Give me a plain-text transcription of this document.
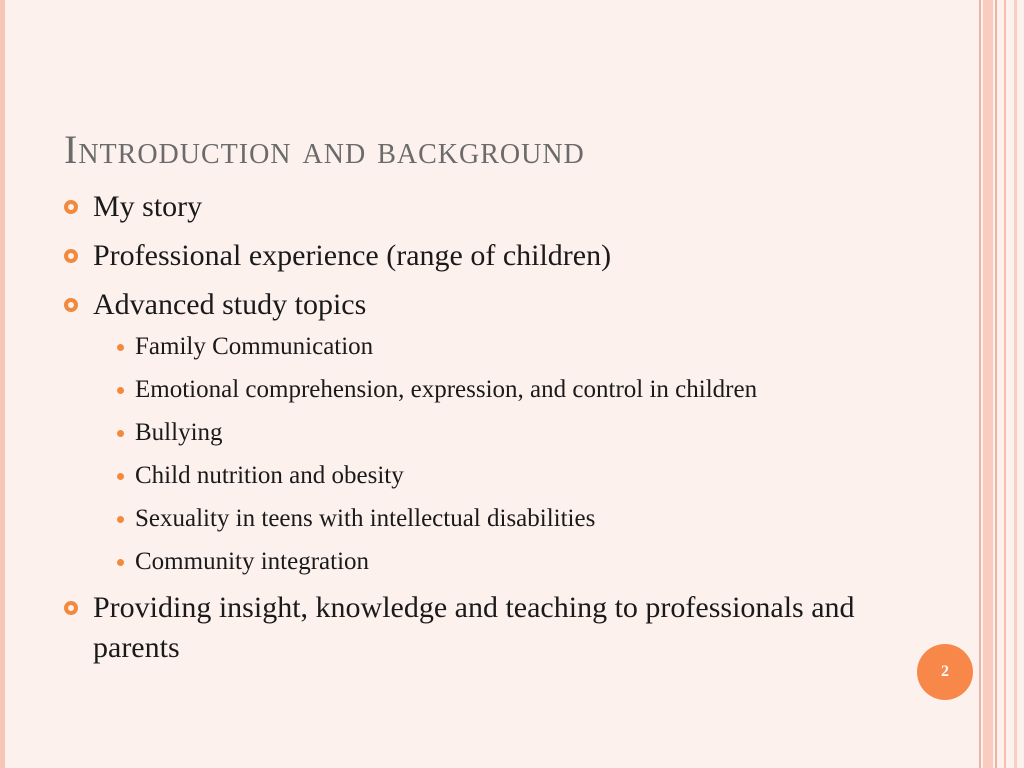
Introduction and background
My story
Professional experience (range of children)
Advanced study topics
Family Communication
Emotional comprehension, expression, and control in children
Bullying
Child nutrition and obesity
Sexuality in teens with intellectual disabilities
Community integration
Providing insight, knowledge and teaching to professionals and parents
2
